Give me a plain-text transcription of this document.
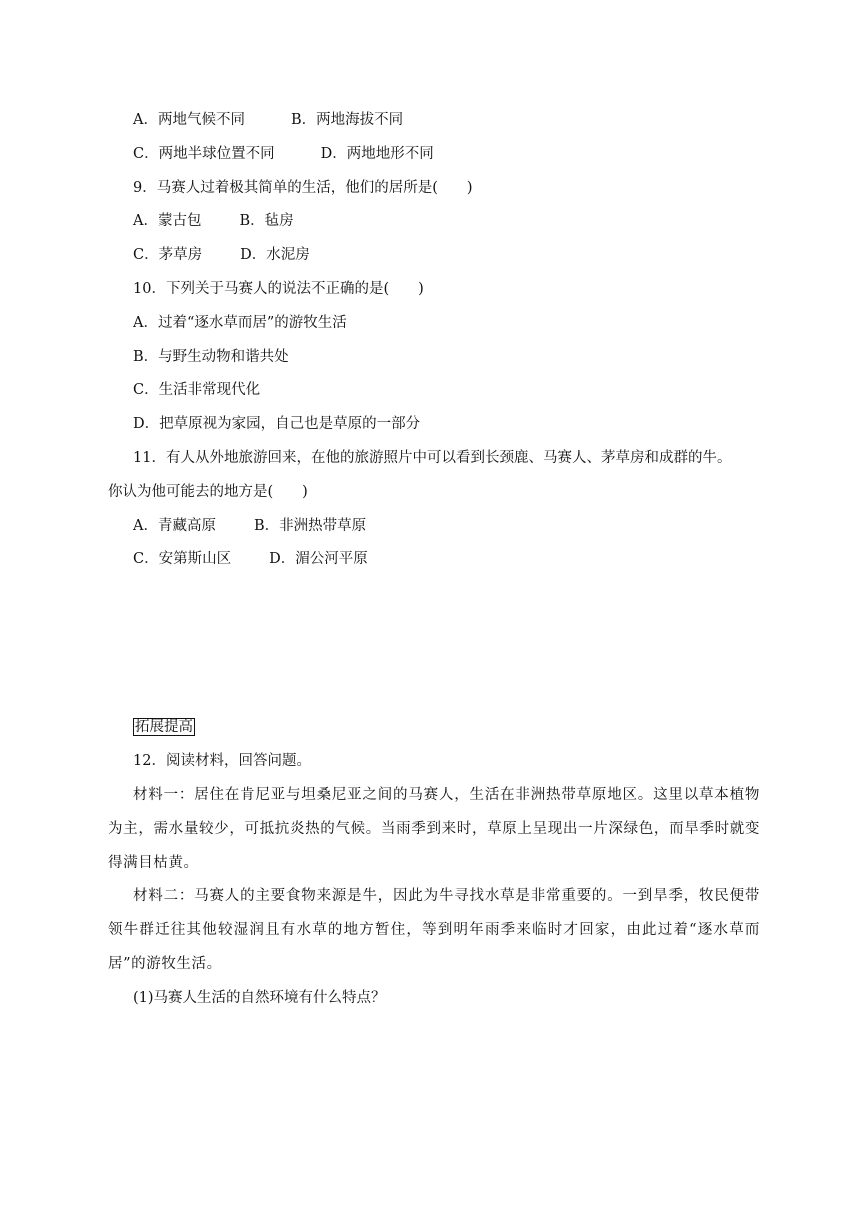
A．两地气候不同	B．两地海拔不同
C．两地半球位置不同	D．两地地形不同
9．马赛人过着极其简单的生活，他们的居所是(　　)
A．蒙古包	B．毡房
C．茅草房	D．水泥房
10．下列关于马赛人的说法不正确的是(　　)
A．过着“逐水草而居”的游牧生活
B．与野生动物和谐共处
C．生活非常现代化
D．把草原视为家园，自己也是草原的一部分
11．有人从外地旅游回来，在他的旅游照片中可以看到长颈鹿、马赛人、茅草房和成群的牛。
你认为他可能去的地方是(　　)
A．青藏高原	B．非洲热带草原
C．安第斯山区	D．湄公河平原
拓展提高
12．阅读材料，回答问题。
材料一：居住在肯尼亚与坦桑尼亚之间的马赛人，生活在非洲热带草原地区。这里以草本植物为主，需水量较少，可抵抗炎热的气候。当雨季到来时，草原上呈现出一片深绿色，而旱季时就变得满目枯黄。
材料二：马赛人的主要食物来源是牛，因此为牛寻找水草是非常重要的。一到旱季，牧民便带领牛群迁往其他较湿润且有水草的地方暂住，等到明年雨季来临时才回家，由此过着“逐水草而居”的游牧生活。
(1)马赛人生活的自然环境有什么特点？
